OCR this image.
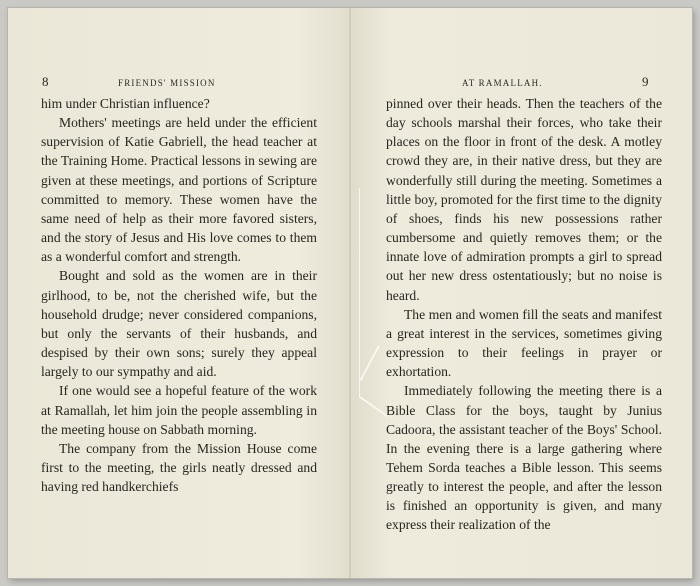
8	FRIENDS' MISSION

him under Christian influence?

Mothers' meetings are held under the efficient supervision of Katie Gabriell, the head teacher at the Training Home. Practical lessons in sewing are given at these meetings, and portions of Scripture committed to memory. These women have the same need of help as their more favored sisters, and the story of Jesus and His love comes to them as a wonderful comfort and strength.

Bought and sold as the women are in their girlhood, to be, not the cherished wife, but the household drudge; never considered companions, but only the servants of their husbands, and despised by their own sons; surely they appeal largely to our sympathy and aid.

If one would see a hopeful feature of the work at Ramallah, let him join the people assembling in the meeting house on Sabbath morning.

The company from the Mission House come first to the meeting, the girls neatly dressed and having red handkerchiefs

AT RAMALLAH.	9

pinned over their heads. Then the teachers of the day schools marshal their forces, who take their places on the floor in front of the desk. A motley crowd they are, in their native dress, but they are wonderfully still during the meeting. Sometimes a little boy, promoted for the first time to the dignity of shoes, finds his new possessions rather cumbersome and quietly removes them; or the innate love of admiration prompts a girl to spread out her new dress ostentatiously; but no noise is heard.

The men and women fill the seats and manifest a great interest in the services, sometimes giving expression to their feelings in prayer or exhortation.

Immediately following the meeting there is a Bible Class for the boys, taught by Junius Cadoora, the assistant teacher of the Boys' School. In the evening there is a large gathering where Tehem Sorda teaches a Bible lesson. This seems greatly to interest the people, and after the lesson is finished an opportunity is given, and many express their realization of the
